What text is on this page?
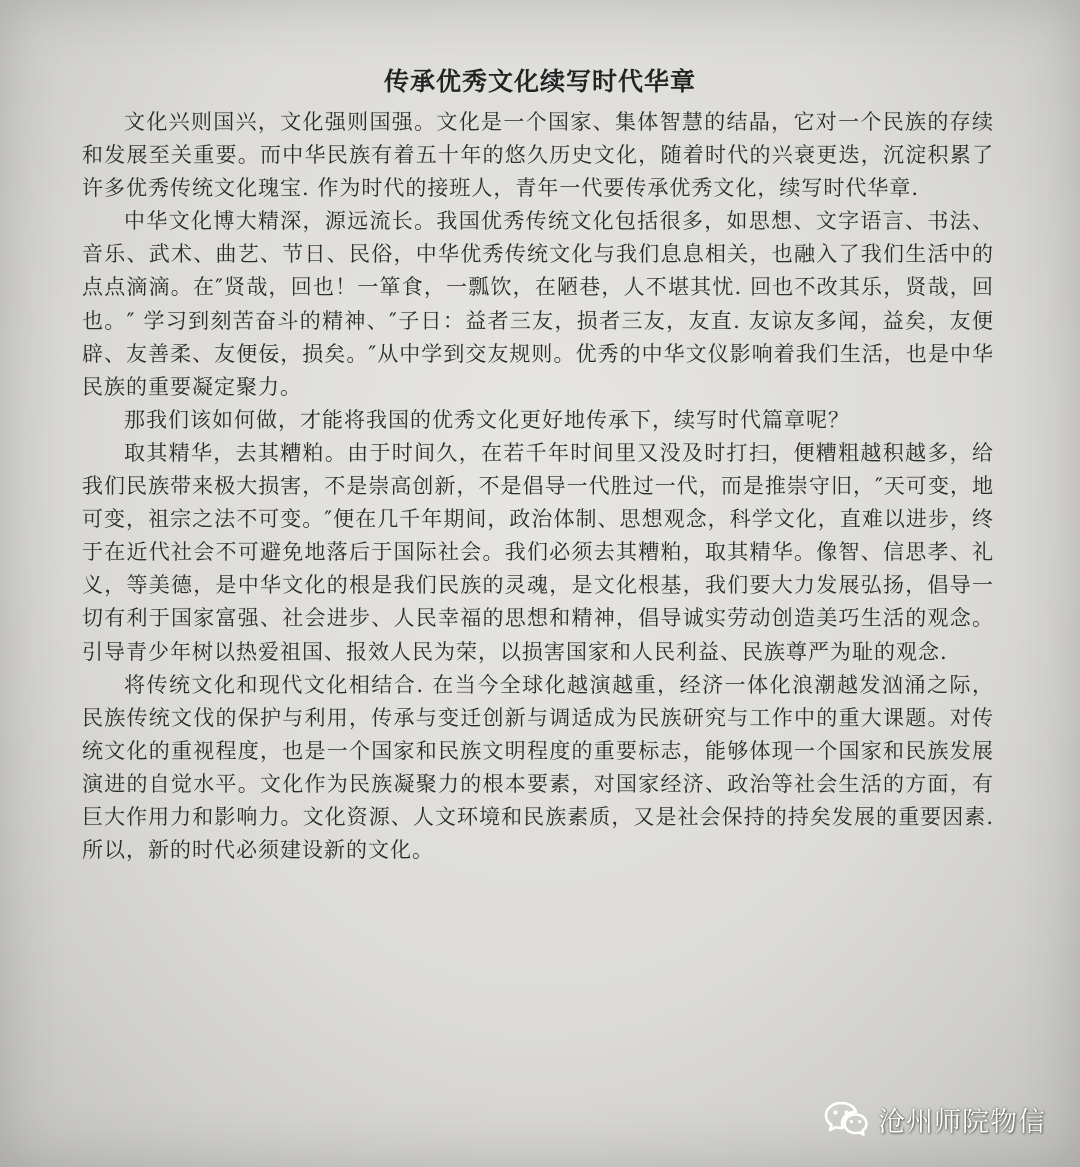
传承优秀文化续写时代华章

文化兴则国兴，文化强则国强。文化是一个国家、集体智慧的结晶，它对一个民族的存续和发展至关重要。而中华民族有着五十年的悠久历史文化，随着时代的兴衰更迭，沉淀积累了许多优秀传统文化瑰宝. 作为时代的接班人，青年一代要传承优秀文化，续写时代华章.

中华文化博大精深，源远流长。我国优秀传统文化包括很多，如思想、文字语言、书法、音乐、武术、曲艺、节日、民俗，中华优秀传统文化与我们息息相关，也融入了我们生活中的点点滴滴。在″贤哉，回也！一箪食，一瓢饮，在陋巷，人不堪其忧. 回也不改其乐，贤哉，回也。″ 学习到刻苦奋斗的精神、″子日：益者三友，损者三友，友直. 友谅友多闻，益矣，友便辟、友善柔、友便佞，损矣。″从中学到交友规则。优秀的中华文仪影响着我们生活，也是中华民族的重要凝定聚力。

那我们该如何做，才能将我国的优秀文化更好地传承下，续写时代篇章呢？

取其精华，去其糟粕。由于时间久，在若千年时间里又没及时打扫，便糟粗越积越多，给我们民族带来极大损害，不是崇高创新，不是倡导一代胜过一代，而是推崇守旧，″天可变，地可变，祖宗之法不可变。″便在几千年期间，政治体制、思想观念，科学文化，直难以进步，终于在近代社会不可避免地落后于国际社会。我们必须去其糟粕，取其精华。像智、信思孝、礼义，等美德，是中华文化的根是我们民族的灵魂，是文化根基，我们要大力发展弘扬，倡导一切有利于国家富强、社会进步、人民幸福的思想和精神，倡导诚实劳动创造美巧生活的观念。引导青少年树以热爱祖国、报效人民为荣，以损害国家和人民利益、民族尊严为耻的观念.

将传统文化和现代文化相结合. 在当今全球化越演越重，经济一体化浪潮越发汹涌之际，民族传统文伐的保护与利用，传承与变迁创新与调适成为民族研究与工作中的重大课题。对传统文化的重视程度，也是一个国家和民族文明程度的重要标志，能够体现一个国家和民族发展演进的自觉水平。文化作为民族凝聚力的根本要素，对国家经济、政治等社会生活的方面，有巨大作用力和影响力。文化资源、人文环境和民族素质，又是社会保持的持矣发展的重要因素. 所以，新的时代必须建设新的文化。

沧州师院物信
